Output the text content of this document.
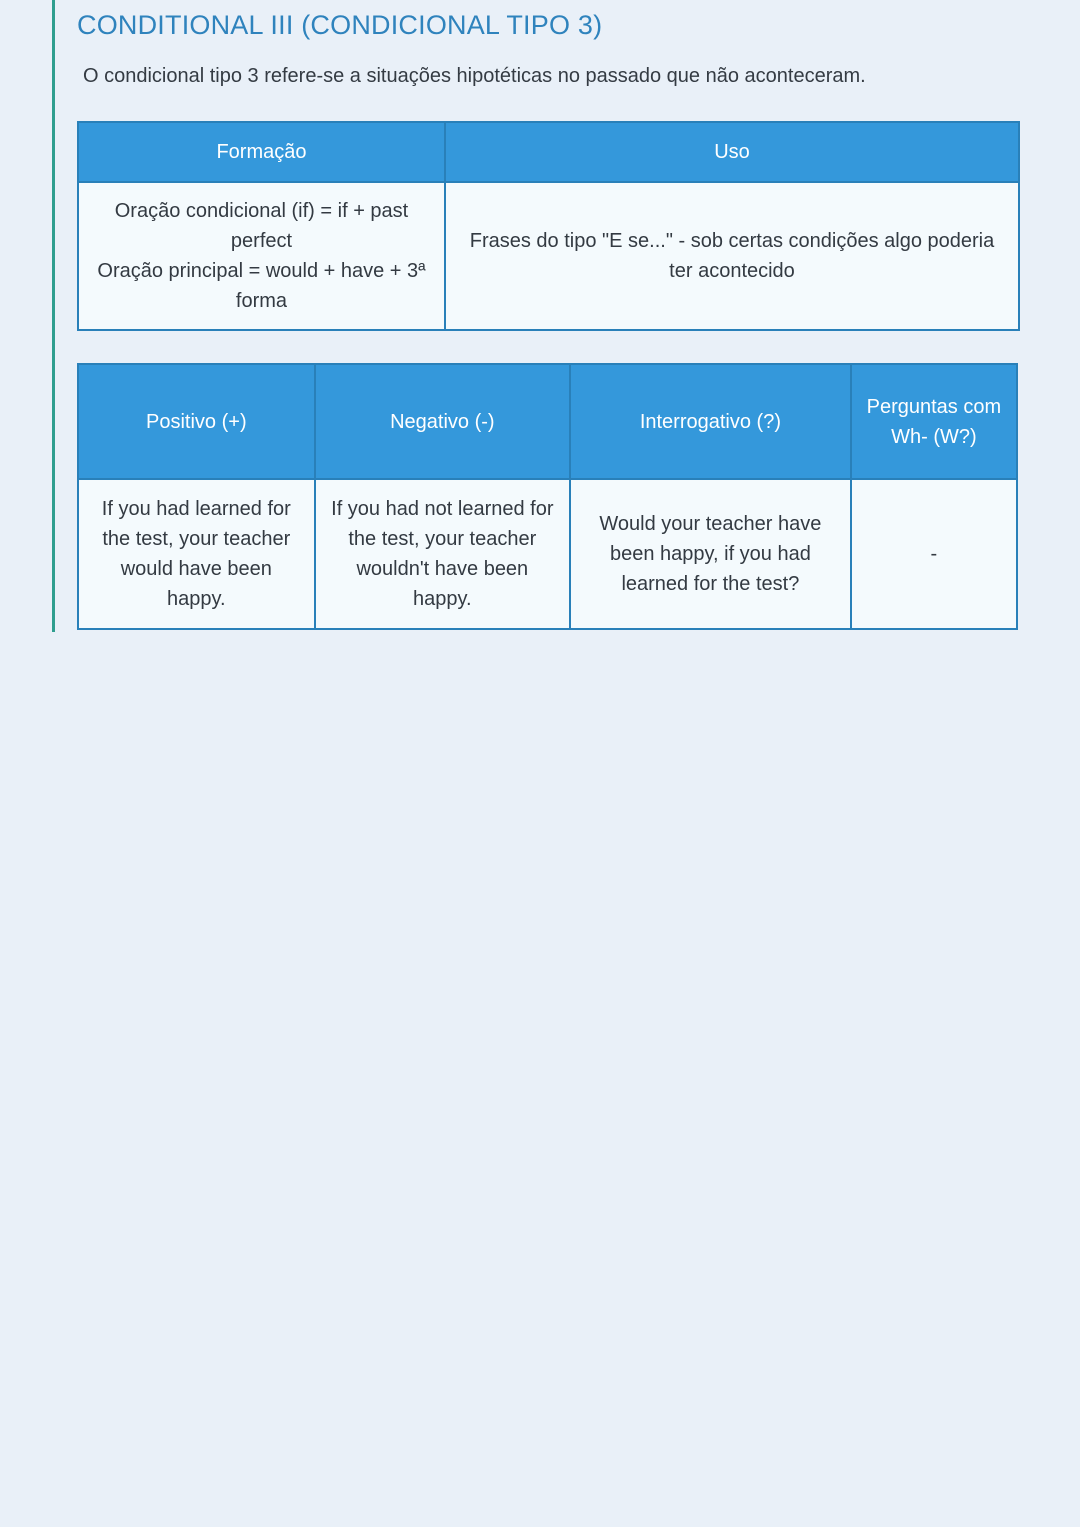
CONDITIONAL III (CONDICIONAL TIPO 3)

O condicional tipo 3 refere-se a situações hipotéticas no passado que não aconteceram.

Formação	Uso

Oração condicional (if) = if + past perfect
Oração principal = would + have + 3ª forma	Frases do tipo "E se..." - sob certas condições algo poderia ter acontecido
Positivo (+)	Negativo (-)	Interrogativo (?)	Perguntas com Wh- (W?)
If you had learned for the test, your teacher would have been happy.	If you had not learned for the test, your teacher wouldn't have been happy.	Would your teacher have been happy, if you had learned for the test?	-
